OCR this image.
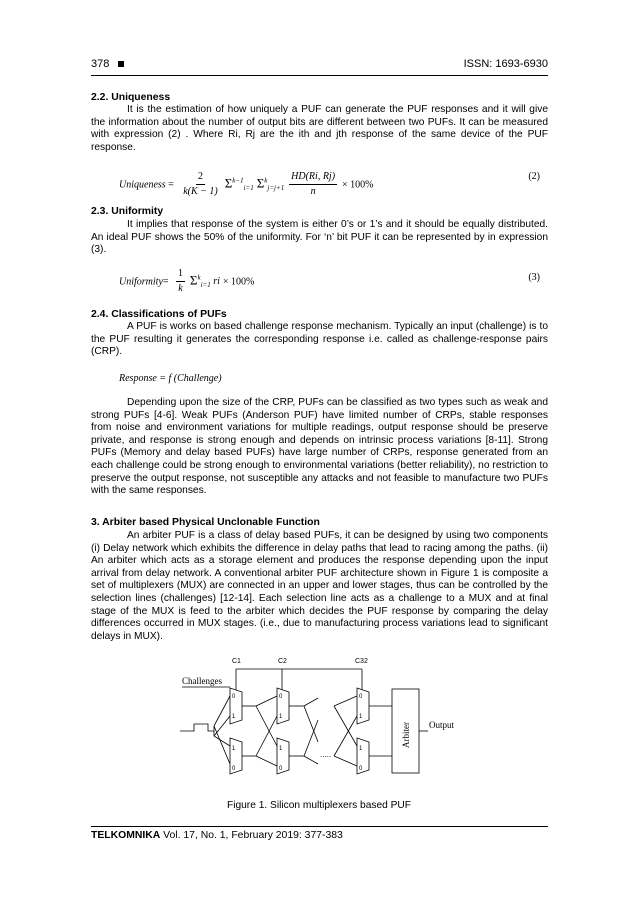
378	ISSN: 1693-6930
2.2. Uniqueness
It is the estimation of how uniquely a PUF can generate the PUF responses and it will give the information about the number of output bits are different between two PUFs. It can be measured with expression (2) . Where Ri, Rj are the ith and jth response of the same device of the PUF response.
Uniqueness = $\frac{2}{k(K - 1)} \Sigma^{k-1}_{i=1}$ $\Sigma^k_{j=j+1} \frac{HD(Ri, Rj)}{n} \times 100\%$
(2)
2.3. Uniformity
It implies that response of the system is either 0’s or 1’s and it should be equally distributed. An ideal PUF shows the 50% of the uniformity. For ‘n’ bit PUF it can be represented by in expression (3).
Uniformity= $\frac{1}{k} \Sigma^k_{i=1}$ ri × 100%	(3)
2.4. Classifications of PUFs
A PUF is works on based challenge response mechanism. Typically an input (challenge) is to the PUF resulting it generates the corresponding response i.e. called as challenge-response pairs (CRP).
Response = f (Challenge)
Depending upon the size of the CRP, PUFs can be classified as two types such as weak and strong PUFs [4-6]. Weak PUFs (Anderson PUF) have limited number of CRPs, stable responses from noise and environment variations for multiple readings, output response should be preserve private, and response is strong enough and depends on intrinsic process variations [8-11]. Strong PUFs (Memory and delay based PUFs) have large number of CRPs, response generated from an each challenge could be strong enough to environmental variations (better reliability), no restriction to preserve the output response, not susceptible any attacks and not feasible to manufacture two PUFs with the same responses.
3. Arbiter based Physical Unclonable Function
An arbiter PUF is a class of delay based PUFs, it can be designed by using two components (i) Delay network which exhibits the difference in delay paths that lead to racing among the paths. (ii) An arbiter which acts as a storage element and produces the response depending upon the input arrival from delay network. A conventional arbiter PUF architecture shown in Figure 1 is composite a set of multiplexers (MUX) are connected in an upper and lower stages, thus can be controlled by the selection lines (challenges) [12-14]. Each selection line acts as a challenge to a MUX and at final stage of the MUX is feed to the arbiter which decides the PUF response by comparing the delay differences occurred in MUX stages. (i.e., due to manufacturing process variations lead to significant delays in MUX).
C1	C2	C32
Challenges
0
1
1
0
0
1
1
0
0
1
1
0
.....
Arbiter Output
Figure 1. Silicon multiplexers based PUF
TELKOMNIKA Vol. 17, No. 1, February 2019: 377-383
